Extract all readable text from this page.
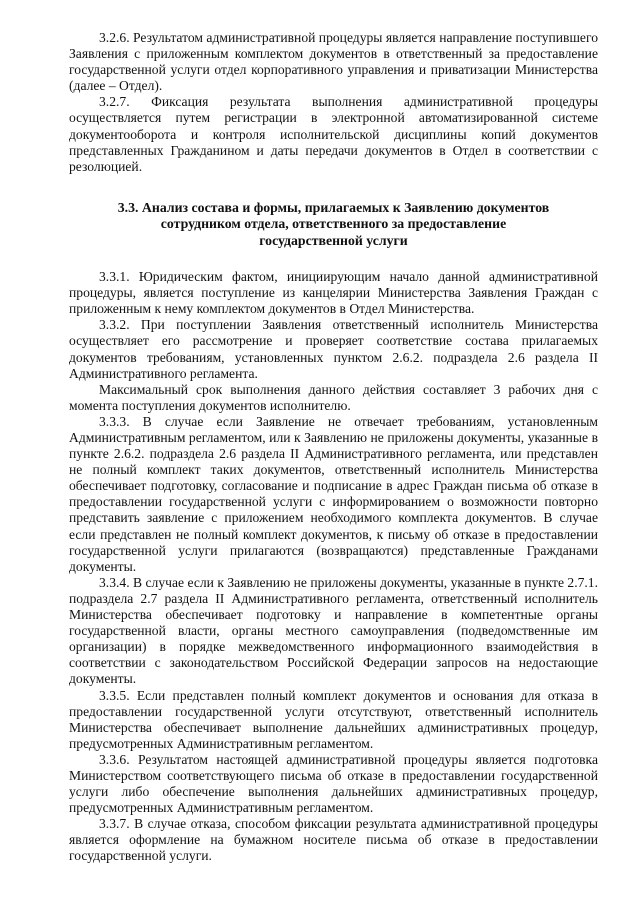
3.2.6. Результатом административной процедуры является направление поступившего Заявления с приложенным комплектом документов в ответственный за предоставление государственной услуги отдел корпоративного управления и приватизации Министерства (далее – Отдел).

3.2.7. Фиксация результата выполнения административной процедуры осуществляется путем регистрации в электронной автоматизированной системе документооборота и контроля исполнительской дисциплины копий документов представленных Гражданином и даты передачи документов в Отдел в соответствии с резолюцией.

3.3. Анализ состава и формы, прилагаемых к Заявлению документов
сотрудником отдела, ответственного за предоставление
государственной услуги

3.3.1. Юридическим фактом, инициирующим начало данной административной процедуры, является поступление из канцелярии Министерства Заявления Граждан с приложенным к нему комплектом документов в Отдел Министерства.

3.3.2. При поступлении Заявления ответственный исполнитель Министерства осуществляет его рассмотрение и проверяет соответствие состава прилагаемых документов требованиям, установленных пунктом 2.6.2. подраздела 2.6 раздела II Административного регламента.

Максимальный срок выполнения данного действия составляет 3 рабочих дня с момента поступления документов исполнителю.

3.3.3. В случае если Заявление не отвечает требованиям, установленным Административным регламентом, или к Заявлению не приложены документы, указанные в пункте 2.6.2. подраздела 2.6 раздела II Административного регламента, или представлен не полный комплект таких документов, ответственный исполнитель Министерства обеспечивает подготовку, согласование и подписание в адрес Граждан письма об отказе в предоставлении государственной услуги с информированием о возможности повторно представить заявление с приложением необходимого комплекта документов. В случае если представлен не полный комплект документов, к письму об отказе в предоставлении государственной услуги прилагаются (возвращаются) представленные Гражданами документы.

3.3.4. В случае если к Заявлению не приложены документы, указанные в пункте 2.7.1. подраздела 2.7 раздела II Административного регламента, ответственный исполнитель Министерства обеспечивает подготовку и направление в компетентные органы государственной власти, органы местного самоуправления (подведомственные им организации) в порядке межведомственного информационного взаимодействия в соответствии с законодательством Российской Федерации запросов на недостающие документы.

3.3.5. Если представлен полный комплект документов и основания для отказа в предоставлении государственной услуги отсутствуют, ответственный исполнитель Министерства обеспечивает выполнение дальнейших административных процедур, предусмотренных Административным регламентом.

3.3.6. Результатом настоящей административной процедуры является подготовка Министерством соответствующего письма об отказе в предоставлении государственной услуги либо обеспечение выполнения дальнейших административных процедур, предусмотренных Административным регламентом.

3.3.7. В случае отказа, способом фиксации результата административной процедуры является оформление на бумажном носителе письма об отказе в предоставлении государственной услуги.
